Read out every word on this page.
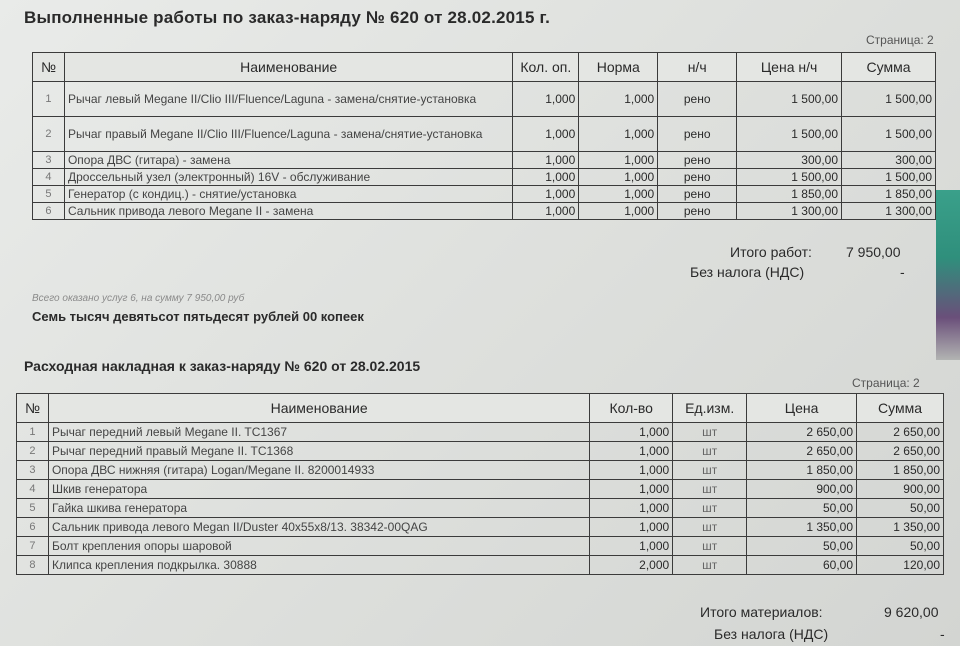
Выполненные работы по заказ-наряду № 620 от 28.02.2015 г.
Страница: 2
№	Наименование	Кол. оп.	Норма	н/ч	Цена н/ч	Сумма
1	Рычаг левый Megane II/Clio III/Fluence/Laguna - замена/снятие-установка	1,000	1,000	рено	1 500,00	1 500,00
2	Рычаг правый Megane II/Clio III/Fluence/Laguna - замена/снятие-установка	1,000	1,000	рено	1 500,00	1 500,00
3	Опора ДВС (гитара) - замена	1,000	1,000	рено	300,00	300,00
4	Дроссельный узел (электронный) 16V - обслуживание	1,000	1,000	рено	1 500,00	1 500,00
5	Генератор (с кондиц.) - снятие/установка	1,000	1,000	рено	1 850,00	1 850,00
6	Сальник привода левого Megane II - замена	1,000	1,000	рено	1 300,00	1 300,00
Итого работ: 7 950,00
Без налога (НДС)	-
Всего оказано услуг 6, на сумму 7 950,00 руб
Семь тысяч девятьсот пятьдесят рублей 00 копеек
Расходная накладная к заказ-наряду № 620 от 28.02.2015
Страница: 2
№	Наименование	Кол-во	Ед.изм.	Цена	Сумма
1	Рычаг передний левый Megane II. TC1367	1,000	шт	2 650,00	2 650,00
2	Рычаг передний правый Megane II. TC1368	1,000	шт	2 650,00	2 650,00
3	Опора ДВС нижняя (гитара) Logan/Megane II. 8200014933	1,000	шт	1 850,00	1 850,00
4	Шкив генератора	1,000	шт	900,00	900,00
5	Гайка шкива генератора	1,000	шт	50,00	50,00
6	Сальник привода левого Megan II/Duster 40x55x8/13. 38342-00QAG	1,000	шт	1 350,00	1 350,00
7	Болт крепления опоры шаровой	1,000	шт	50,00	50,00
8	Клипса крепления подкрылка. 30888	2,000	шт	60,00	120,00
Итого материалов:	9 620,00
Без налога (НДС)	-
